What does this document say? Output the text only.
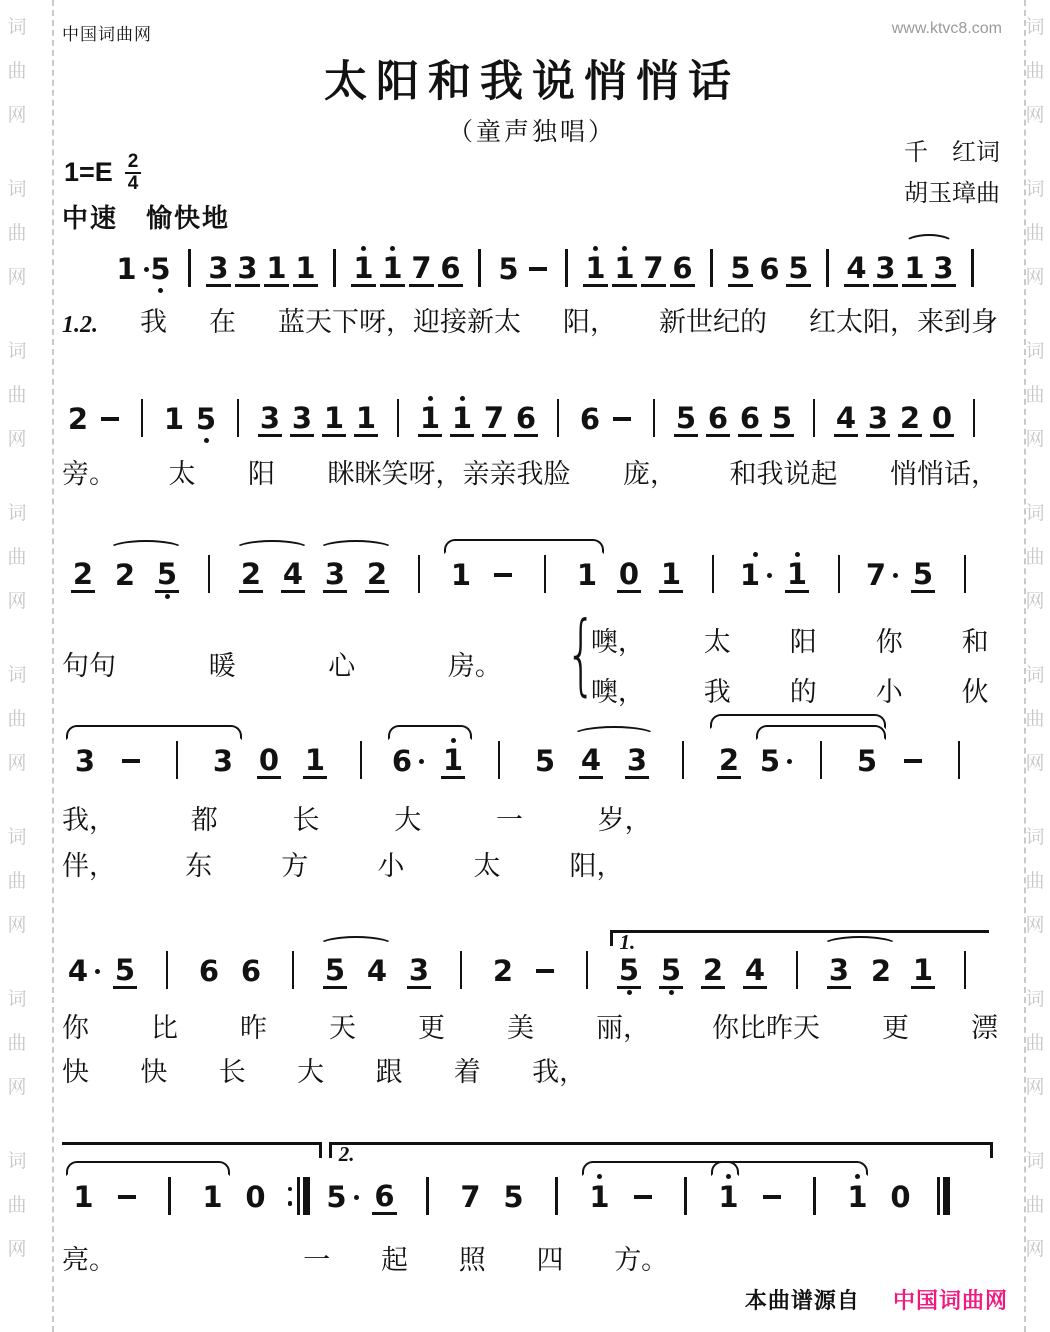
词
曲
网
词
曲
网
词
曲
网
词
曲
网
词
曲
网
词
曲
网
词
曲
网
词
曲
网
词
曲
网
词
曲
网
词
曲
网
词
曲
网
词
曲
网
词
曲
网
词
曲
网
词
曲
网
中国词曲网	www.ktvc8.com
太阳和我说悄悄话
（童声独唱）
千　红词
胡玉璋曲
$1=E \frac{2}{4}$
中速　愉快地
1 5 3 3 1 1 1 1 7 6 5 1 1 7 6 5 6 5 4 3 1 3
1.2. 我 在 蓝天下呀，迎接新太 阳， 新世纪的 红太阳，来到身
2	1 5 3 3 1 1 1 1 7 6 6	5 6 6 5 4 3 2 0
旁。 太 阳 眯眯笑呀，亲亲我脸 庞， 和我说起 悄悄话，
2 2 5 2 4 3 2 1	1 0 1 1 1 7 5
句句	暖	心	房。 {
噢， 太 阳 你 和
噢， 我 的 小 伙
3	3 0 1 6 1 5 4 3 2 5	5
我，	都	长	大	一	岁，
伴，	东	方	小	太	阳，
1.
4 5 6 6 5 4 3 2	5 5 2 4 3 2 1
你 比 昨 天 更 美 丽， 你比昨天 更 漂
快 快 长 大 跟 着 我，
2.
1	1 0 5 6 7 5 1	1	1 0
亮。	一 起 照 四 方。
本曲谱源自 中国词曲网
